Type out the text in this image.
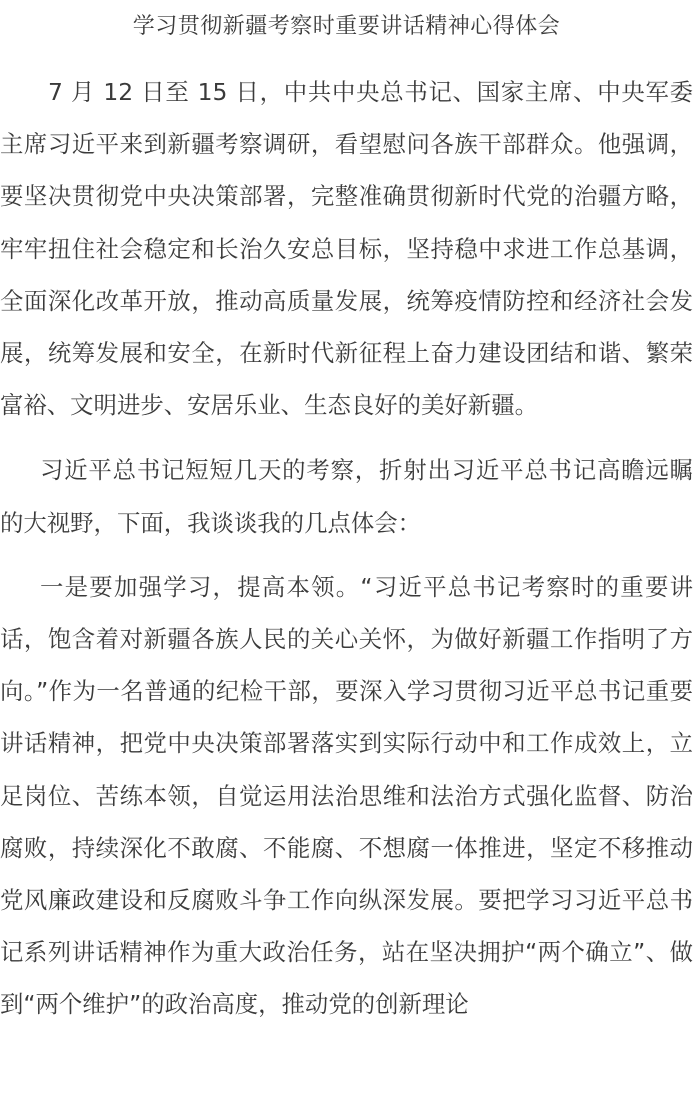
学习贯彻新疆考察时重要讲话精神心得体会

7 月 12 日至 15 日，中共中央总书记、国家主席、中央军委主席习近平来到新疆考察调研，看望慰问各族干部群众。他强调，要坚决贯彻党中央决策部署，完整准确贯彻新时代党的治疆方略，牢牢扭住社会稳定和长治久安总目标，坚持稳中求进工作总基调，全面深化改革开放，推动高质量发展，统筹疫情防控和经济社会发展，统筹发展和安全，在新时代新征程上奋力建设团结和谐、繁荣富裕、文明进步、安居乐业、生态良好的美好新疆。

习近平总书记短短几天的考察，折射出习近平总书记高瞻远瞩的大视野，下面，我谈谈我的几点体会：

一是要加强学习，提高本领。“习近平总书记考察时的重要讲话，饱含着对新疆各族人民的关心关怀，为做好新疆工作指明了方向。”作为一名普通的纪检干部，要深入学习贯彻习近平总书记重要讲话精神，把党中央决策部署落实到实际行动中和工作成效上，立足岗位、苦练本领，自觉运用法治思维和法治方式强化监督、防治腐败，持续深化不敢腐、不能腐、不想腐一体推进，坚定不移推动党风廉政建设和反腐败斗争工作向纵深发展。要把学习习近平总书记系列讲话精神作为重大政治任务，站在坚决拥护“两个确立”、做到“两个维护”的政治高度，推动党的创新理论
